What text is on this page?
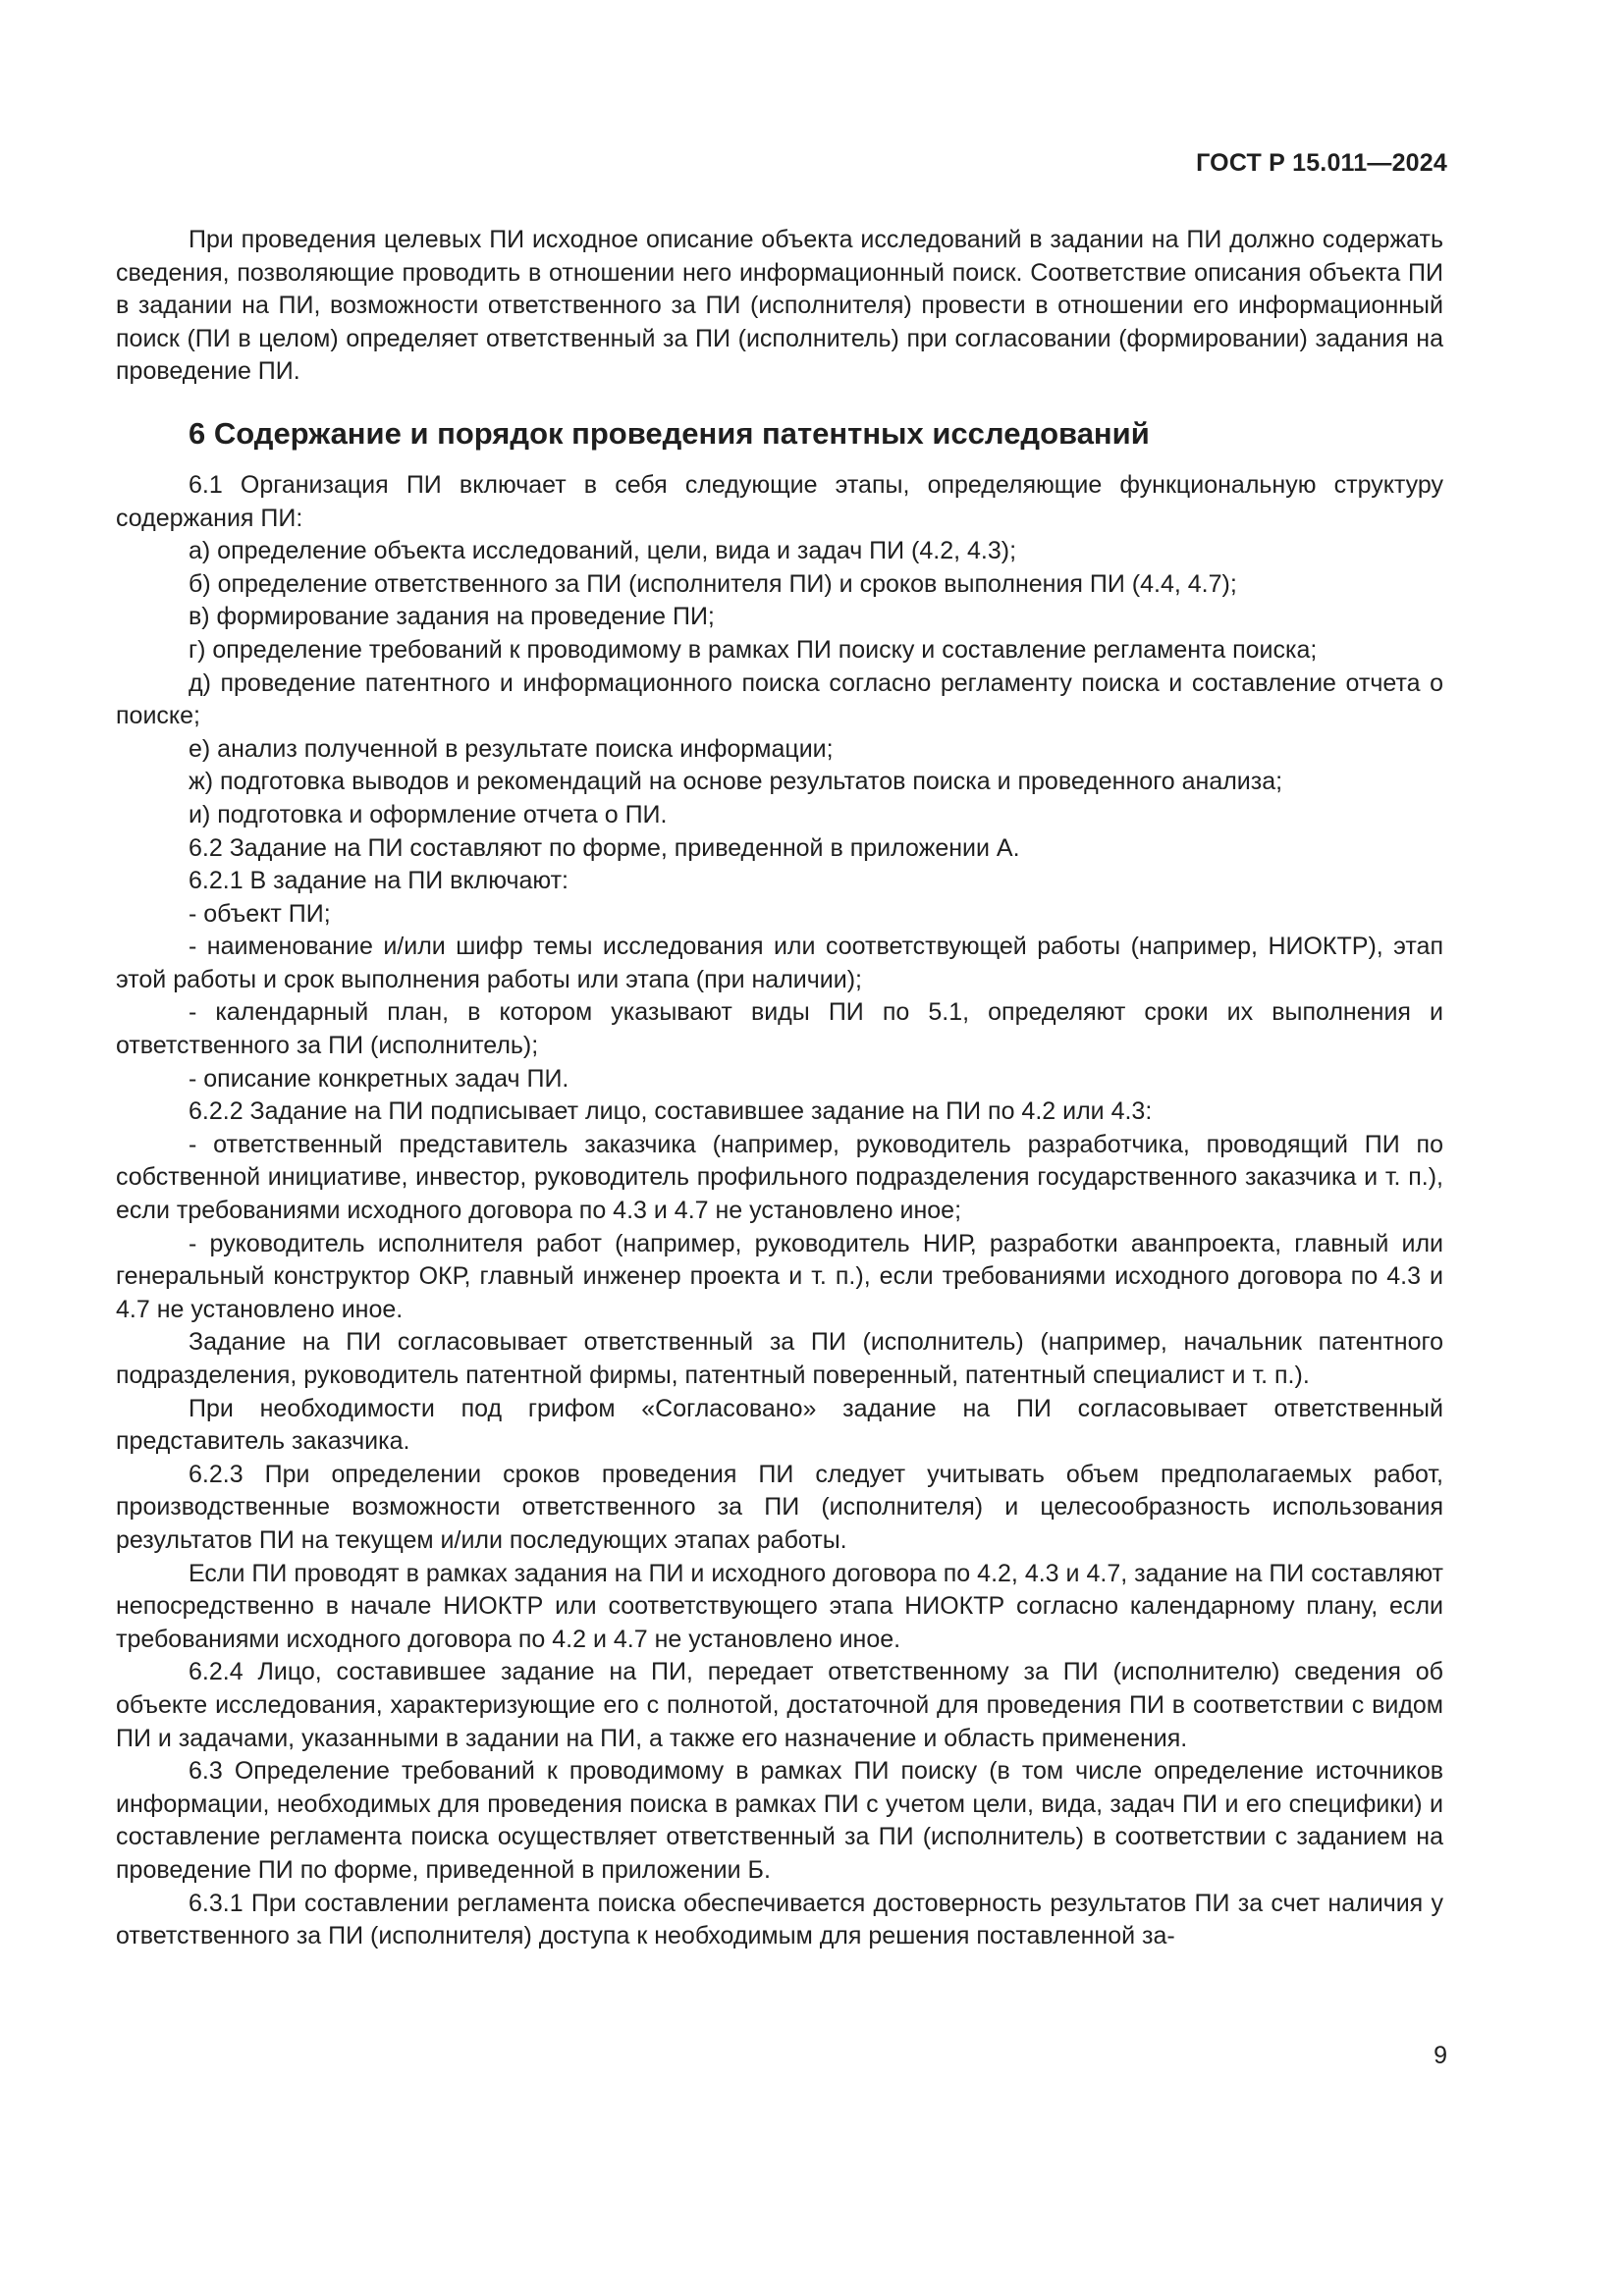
ГОСТ Р 15.011—2024

При проведения целевых ПИ исходное описание объекта исследований в задании на ПИ должно содержать сведения, позволяющие проводить в отношении него информационный поиск. Соответствие описания объекта ПИ в задании на ПИ, возможности ответственного за ПИ (исполнителя) провести в отношении его информационный поиск (ПИ в целом) определяет ответственный за ПИ (исполнитель) при согласовании (формировании) задания на проведение ПИ.

6 Содержание и порядок проведения патентных исследований

6.1 Организация ПИ включает в себя следующие этапы, определяющие функциональную структуру содержания ПИ:

а) определение объекта исследований, цели, вида и задач ПИ (4.2, 4.3);

б) определение ответственного за ПИ (исполнителя ПИ) и сроков выполнения ПИ (4.4, 4.7);

в) формирование задания на проведение ПИ;

г) определение требований к проводимому в рамках ПИ поиску и составление регламента поиска;

д) проведение патентного и информационного поиска согласно регламенту поиска и составление отчета о поиске;

е) анализ полученной в результате поиска информации;

ж) подготовка выводов и рекомендаций на основе результатов поиска и проведенного анализа;

и) подготовка и оформление отчета о ПИ.

6.2 Задание на ПИ составляют по форме, приведенной в приложении А.

6.2.1 В задание на ПИ включают:

- объект ПИ;

- наименование и/или шифр темы исследования или соответствующей работы (например, НИОКТР), этап этой работы и срок выполнения работы или этапа (при наличии);

- календарный план, в котором указывают виды ПИ по 5.1, определяют сроки их выполнения и ответственного за ПИ (исполнитель);

- описание конкретных задач ПИ.

6.2.2 Задание на ПИ подписывает лицо, составившее задание на ПИ по 4.2 или 4.3:

- ответственный представитель заказчика (например, руководитель разработчика, проводящий ПИ по собственной инициативе, инвестор, руководитель профильного подразделения государственного заказчика и т. п.), если требованиями исходного договора по 4.3 и 4.7 не установлено иное;

- руководитель исполнителя работ (например, руководитель НИР, разработки аванпроекта, главный или генеральный конструктор ОКР, главный инженер проекта и т. п.), если требованиями исходного договора по 4.3 и 4.7 не установлено иное.

Задание на ПИ согласовывает ответственный за ПИ (исполнитель) (например, начальник патентного подразделения, руководитель патентной фирмы, патентный поверенный, патентный специалист и т. п.).

При необходимости под грифом «Согласовано» задание на ПИ согласовывает ответственный представитель заказчика.

6.2.3 При определении сроков проведения ПИ следует учитывать объем предполагаемых работ, производственные возможности ответственного за ПИ (исполнителя) и целесообразность использования результатов ПИ на текущем и/или последующих этапах работы.

Если ПИ проводят в рамках задания на ПИ и исходного договора по 4.2, 4.3 и 4.7, задание на ПИ составляют непосредственно в начале НИОКТР или соответствующего этапа НИОКТР согласно календарному плану, если требованиями исходного договора по 4.2 и 4.7 не установлено иное.

6.2.4 Лицо, составившее задание на ПИ, передает ответственному за ПИ (исполнителю) сведения об объекте исследования, характеризующие его с полнотой, достаточной для проведения ПИ в соответствии с видом ПИ и задачами, указанными в задании на ПИ, а также его назначение и область применения.

6.3 Определение требований к проводимому в рамках ПИ поиску (в том числе определение источников информации, необходимых для проведения поиска в рамках ПИ с учетом цели, вида, задач ПИ и его специфики) и составление регламента поиска осуществляет ответственный за ПИ (исполнитель) в соответствии с заданием на проведение ПИ по форме, приведенной в приложении Б.

6.3.1 При составлении регламента поиска обеспечивается достоверность результатов ПИ за счет наличия у ответственного за ПИ (исполнителя) доступа к необходимым для решения поставленной за-

9
